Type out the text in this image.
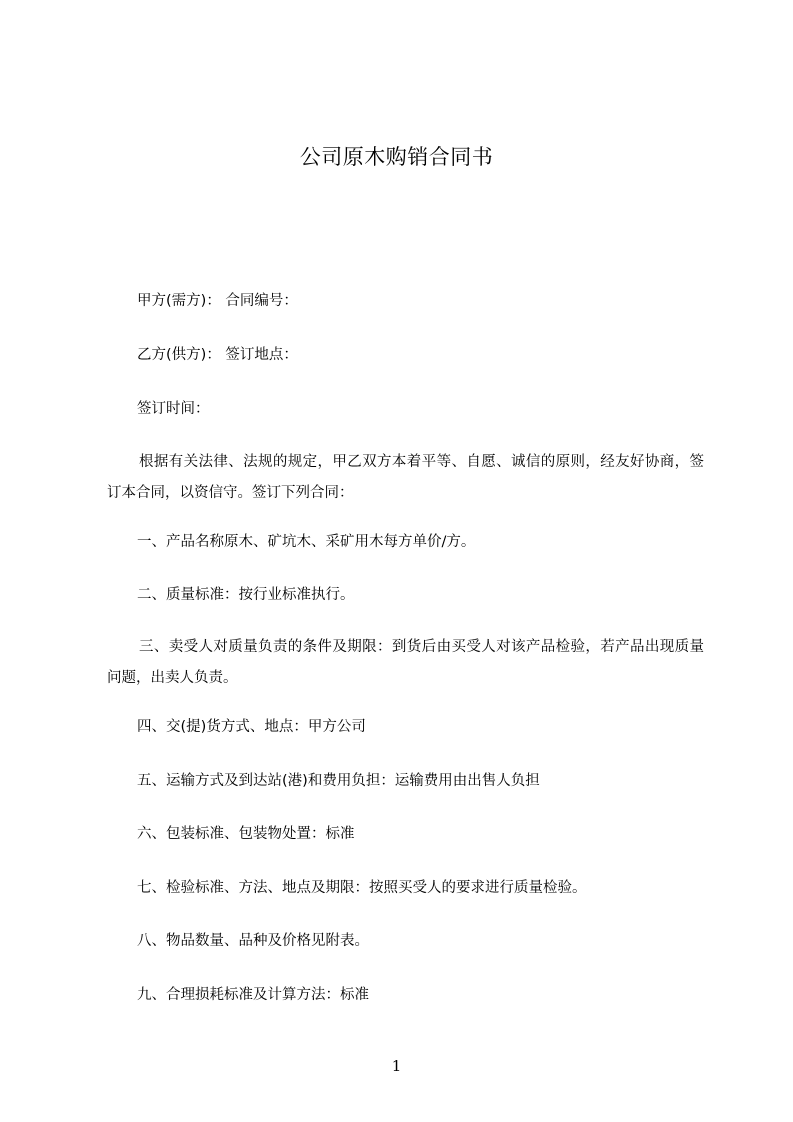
公司原木购销合同书
甲方(需方)： 合同编号：
乙方(供方)： 签订地点：
签订时间：
根据有关法律、法规的规定，甲乙双方本着平等、自愿、诚信的原则，经友好协商，签订本合同，以资信守。签订下列合同：
一、产品名称原木、矿坑木、采矿用木每方单价/方。
二、质量标准：按行业标准执行。
三、卖受人对质量负责的条件及期限：到货后由买受人对该产品检验，若产品出现质量问题，出卖人负责。
四、交(提)货方式、地点：甲方公司
五、运输方式及到达站(港)和费用负担：运输费用由出售人负担
六、包装标准、包装物处置：标准
七、检验标准、方法、地点及期限：按照买受人的要求进行质量检验。
八、物品数量、品种及价格见附表。
九、合理损耗标准及计算方法：标准
1
